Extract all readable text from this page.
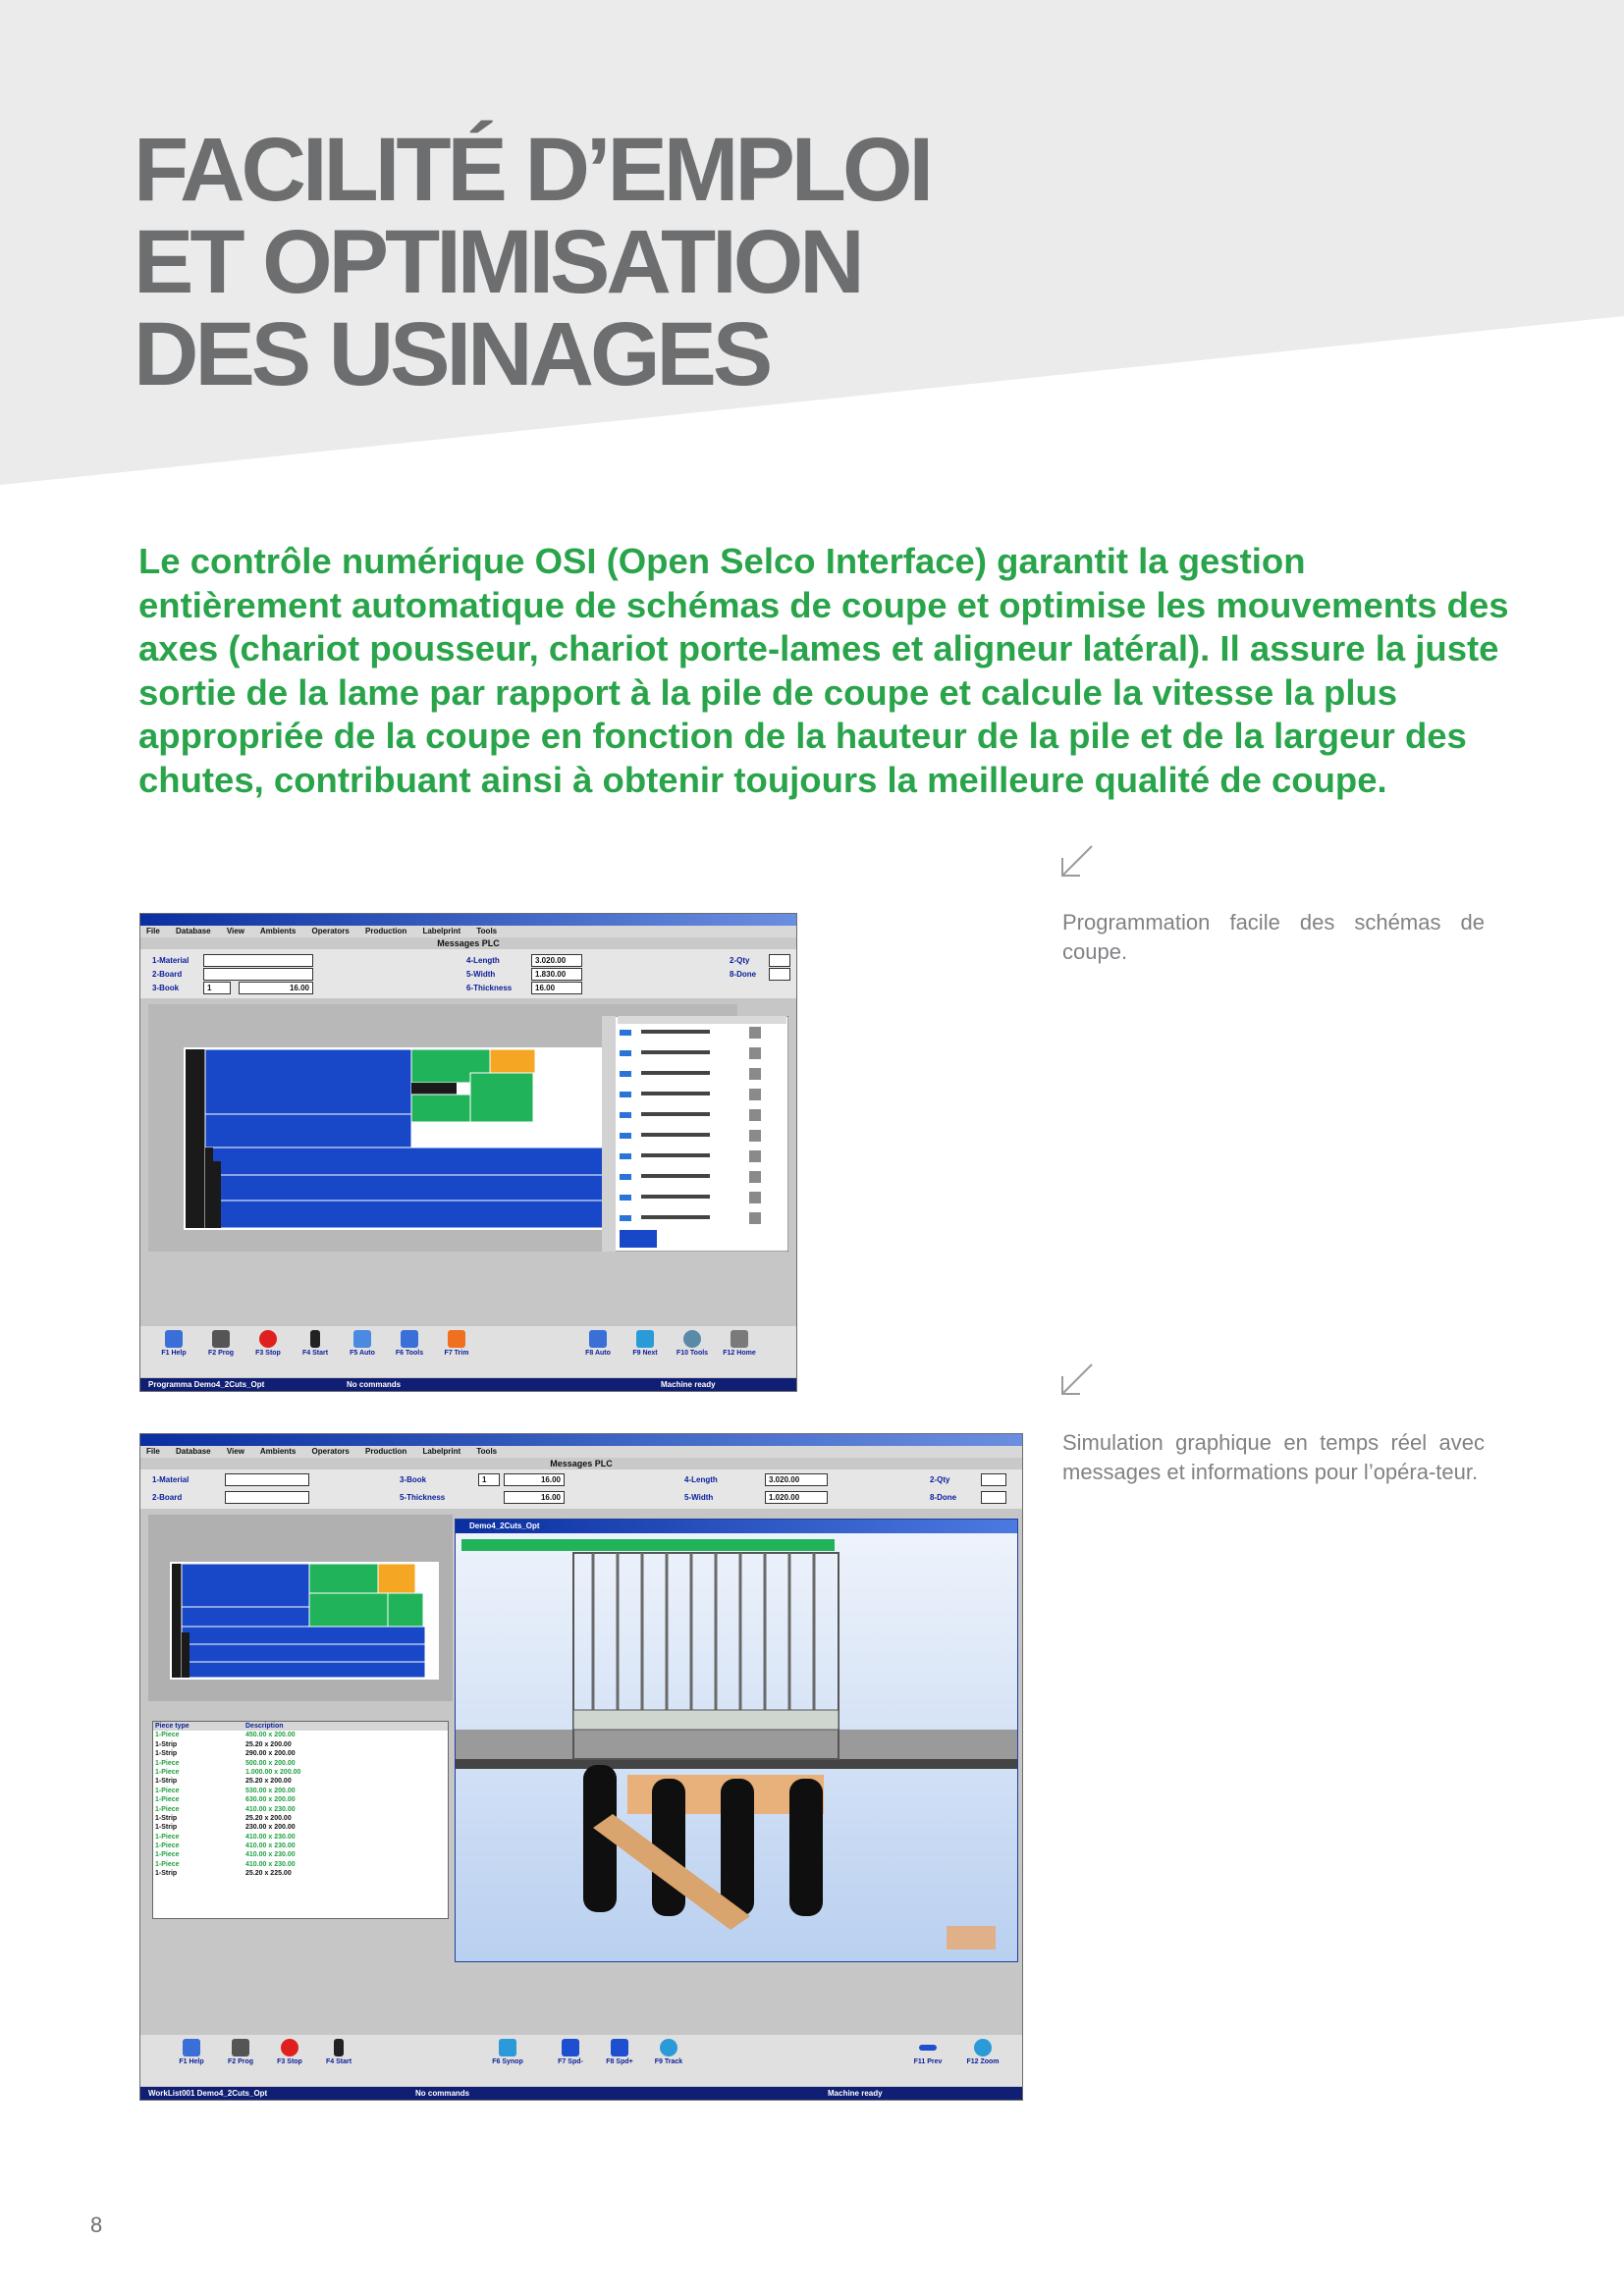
FACILITÉ D’EMPLOI
ET OPTIMISATION
DES USINAGES

Le contrôle numérique OSI (Open Selco Interface) garantit la gestion entièrement automatique de schémas de coupe et optimise les mouvements des axes (chariot pousseur, chariot porte-lames et aligneur latéral). Il assure la juste sortie de la lame par rapport à la pile de coupe et calcule la vitesse la plus appropriée de la coupe en fonction de la hauteur de la pile et de la largeur des chutes, contribuant ainsi à obtenir toujours la meilleure qualité de coupe.

File Database View Ambients Operators Production Labelprint Tools
Messages PLC
1-Material
2-Board
3-Book	1	16.00
4-Length	3.020.00
5-Width	1.830.00
6-Thickness	16.00
2-Qty
8-Done
F1 Help	F2 Prog	F3 Stop	F4 Start	F5 Auto	F6 Tools	F7 Trim	F8 Auto	F9 Next	F10 Tools	F12 Home
Programma Demo4_2Cuts_Opt	No commands	Machine ready
File Database View Ambients Operators Production Labelprint Tools
Messages PLC
1-Material
2-Board
3-Book	1	16.00
5-Thickness	16.00
4-Length	3.020.00
5-Width	1.020.00
2-Qty
8-Done
Piece type	Description
1-Piece	450.00 x 200.00
1-Strip	25.20 x 200.00
1-Strip	290.00 x 200.00
1-Piece	500.00 x 200.00
1-Piece	1.000.00 x 200.00
1-Strip	25.20 x 200.00
1-Piece	530.00 x 200.00
1-Piece	630.00 x 200.00
1-Piece	410.00 x 230.00
1-Strip	25.20 x 200.00
1-Strip	230.00 x 200.00
1-Piece	410.00 x 230.00
1-Piece	410.00 x 230.00
1-Piece	410.00 x 230.00
1-Piece	410.00 x 230.00
1-Strip	25.20 x 225.00
Demo4_2Cuts_Opt
F1 Help	F2 Prog	F3 Stop	F4 Start	F6 Synop	F7 Spd-	F8 Spd+	F9 Track	F11 Prev	F12 Zoom
WorkList001 Demo4_2Cuts_Opt	No commands	Machine ready

Programmation facile des schémas de coupe.

Simulation graphique en temps réel avec messages et informations pour l’opéra-teur.

8
